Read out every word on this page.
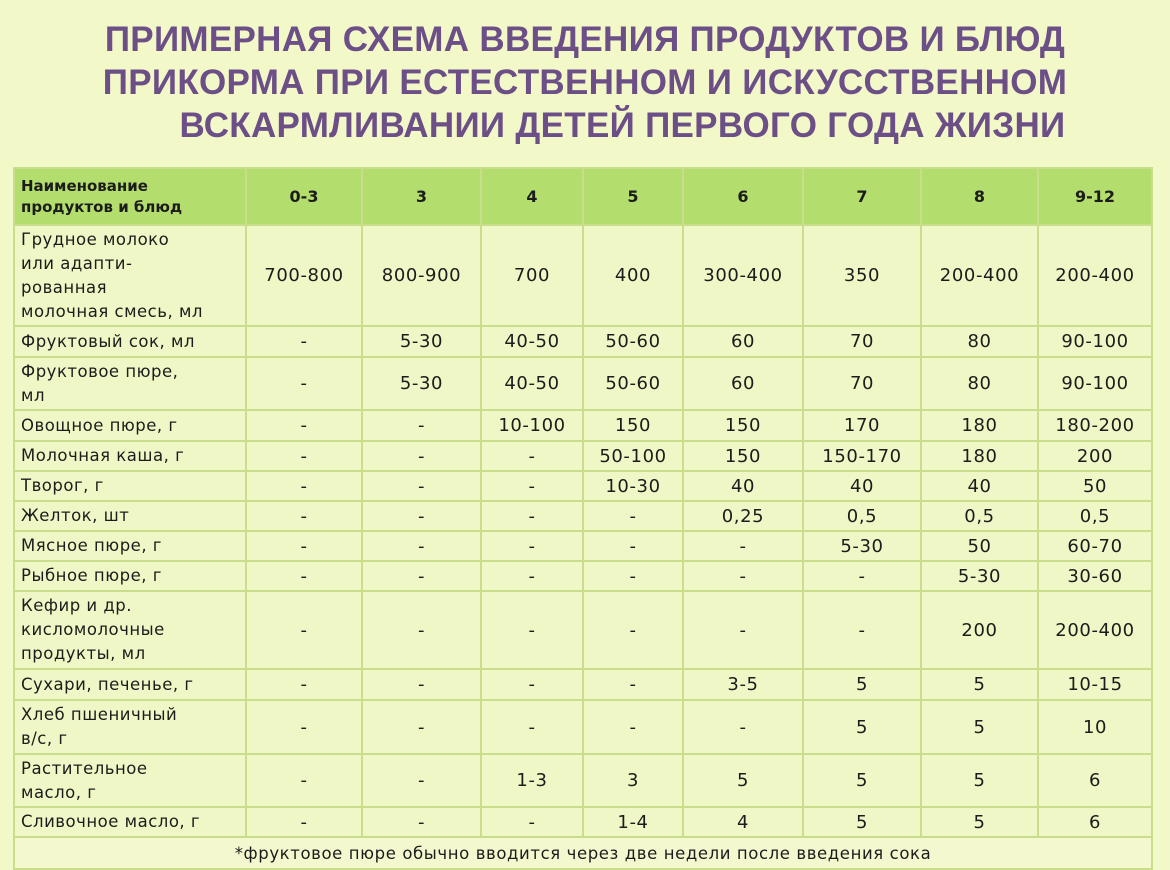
ПРИМЕРНАЯ СХЕМА ВВЕДЕНИЯ ПРОДУКТОВ И БЛЮД
ПРИКОРМА ПРИ ЕСТЕСТВЕННОМ И ИСКУССТВЕННОМ
ВСКАРМЛИВАНИИ ДЕТЕЙ ПЕРВОГО ГОДА ЖИЗНИ
Наименование
продуктов и блюд	0-3	3	4	5	6	7	8	9-12

Грудное молоко
или адапти-
рованная
молочная смесь, мл	700-800	800-900	700	400	300-400	350	200-400	200-400

Фруктовый сок, мл	-	5-30	40-50	50-60	60	70	80	90-100

Фруктовое пюре,
мл	-	5-30	40-50	50-60	60	70	80	90-100

Овощное пюре, г	-	-	10-100	150	150	170	180	180-200

Молочная каша, г	-	-	-	50-100	150	150-170	180	200

Творог, г	-	-	-	10-30	40	40	40	50

Желток, шт	-	-	-	-	0,25	0,5	0,5	0,5

Мясное пюре, г	-	-	-	-	-	5-30	50	60-70

Рыбное пюре, г	-	-	-	-	-	-	5-30	30-60

Кефир и др.
кисломолочные
продукты, мл	-	-	-	-	-	-	200	200-400

Сухари, печенье, г	-	-	-	-	3-5	5	5	10-15

Хлеб пшеничный
в/с, г	-	-	-	-	-	5	5	10

Растительное
масло, г	-	-	1-3	3	5	5	5	6

Сливочное масло, г	-	-	-	1-4	4	5	5	6
*фруктовое пюре обычно вводится через две недели после введения сока								
